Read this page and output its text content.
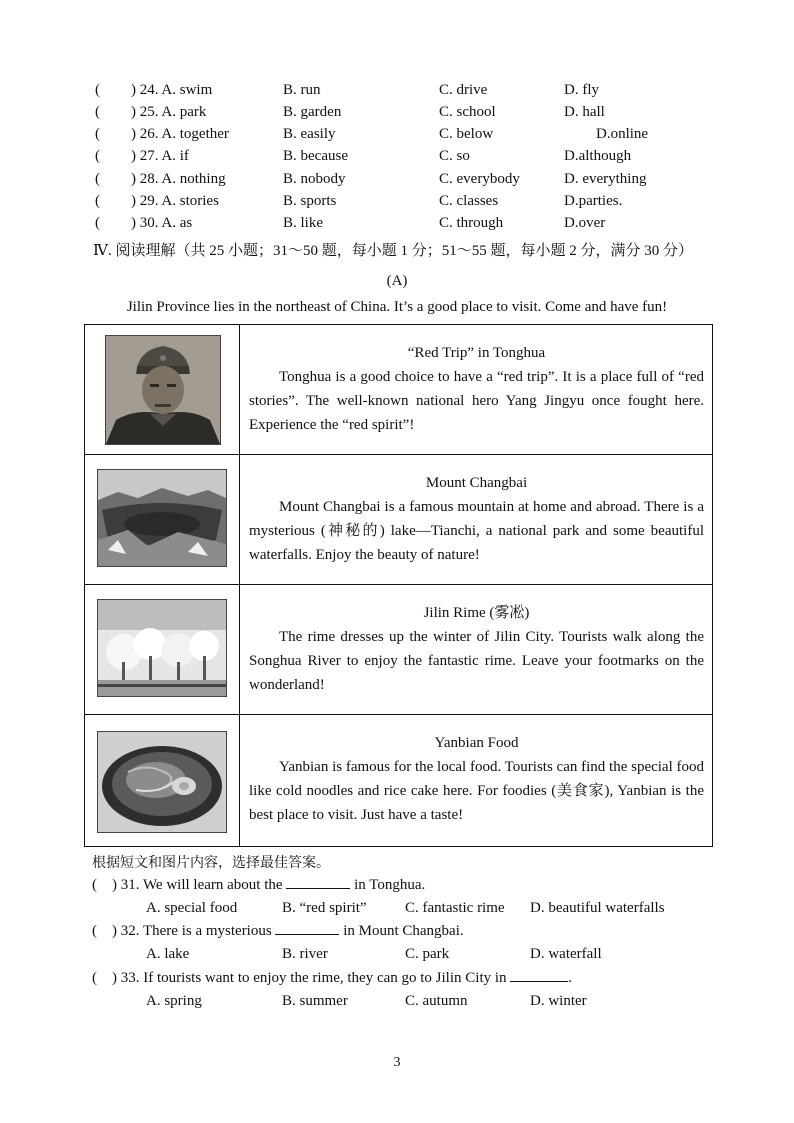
( ) 24. A. swim	B. run	C. drive	D. fly
( ) 25. A. park	B. garden	C. school	D. hall
( ) 26. A. together	B. easily	C. below	D.online
( ) 27. A. if	B. because	C. so	D.although
( ) 28. A. nothing	B. nobody	C. everybody	D. everything
( ) 29. A. stories	B. sports	C. classes	D.parties.
( ) 30. A. as	B. like	C. through	D.over
Ⅳ. 阅读理解（共 25 小题；31～50 题，每小题 1 分；51～55 题，每小题 2 分，满分 30 分）
(A)
Jilin Province lies in the northeast of China. It’s a good place to visit. Come and have fun!
“Red Trip” in Tonghua
Tonghua is a good choice to have a “red trip”. It is a place full of “red stories”. The well-known national hero Yang Jingyu once fought here. Experience the “red spirit”!
Mount Changbai
Mount Changbai is a famous mountain at home and abroad. There is a mysterious (神秘的) lake—Tianchi, a national park and some beautiful waterfalls. Enjoy the beauty of nature!
Jilin Rime (雾凇)
The rime dresses up the winter of Jilin City. Tourists walk along the Songhua River to enjoy the fantastic rime. Leave your footmarks on the wonderland!
Yanbian Food
Yanbian is famous for the local food. Tourists can find the special food like cold noodles and rice cake here. For foodies (美食家), Yanbian is the best place to visit. Just have a taste!
根据短文和图片内容，选择最佳答案。
( ) 31. We will learn about the	in Tonghua.
A. special food	B. “red spirit”	C. fantastic rime D. beautiful waterfalls
( ) 32. There is a mysterious	in Mount Changbai.
A. lake	B. river	C. park	D. waterfall
( ) 33. If tourists want to enjoy the rime, they can go to Jilin City in	.
A. spring	B. summer	C. autumn	D. winter
3
